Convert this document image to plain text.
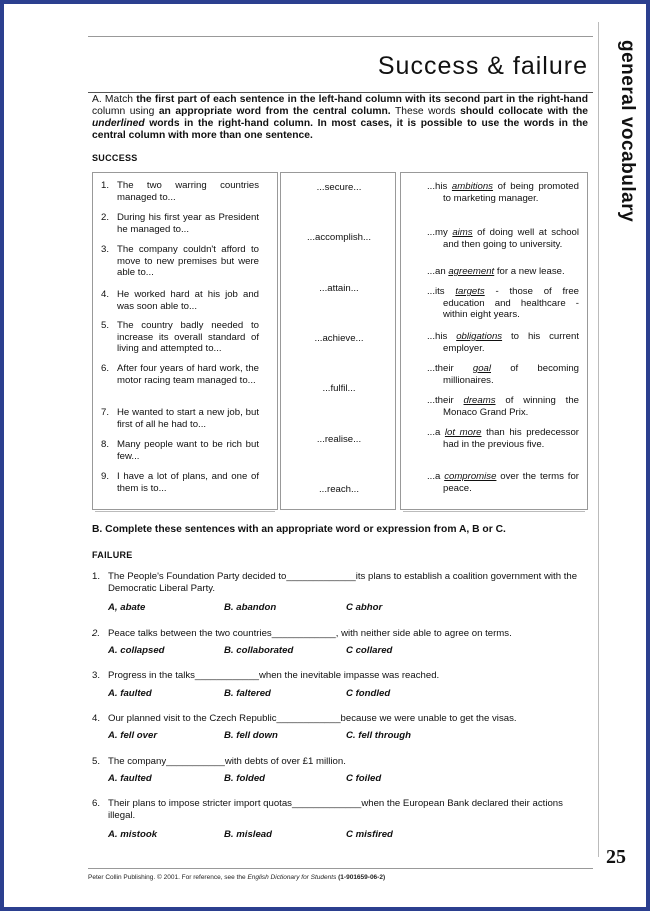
general vocabulary
Success & failure
A. Match the first part of each sentence in the left-hand column with its second part in the right-hand column using an appropriate word from the central column. These words should collocate with the underlined words in the right-hand column. In most cases, it is possible to use the words in the central column with more than one sentence.
SUCCESS
1. The two warring countries managed to...
2. During his first year as President he managed to...
3. The company couldn't afford to move to new premises but were able to...
4. He worked hard at his job and was soon able to...
5. The country badly needed to increase its overall standard of living and attempted to...
6. After four years of hard work, the motor racing team managed to...
7. He wanted to start a new job, but first of all he had to...
8. Many people want to be rich but few...
9. I have a lot of plans, and one of them is to...
...secure...
...accomplish...
...attain...
...achieve...
...fulfil...
...realise...
...reach...
...his ambitions of being promoted to marketing manager.
...my aims of doing well at school and then going to university.
...an agreement for a new lease.
...its targets - those of free education and healthcare - within eight years.
...his obligations to his current employer.
...their goal of becoming millionaires.
...their dreams of winning the Monaco Grand Prix.
...a lot more than his predecessor had in the previous five.
...a compromise over the terms for peace.
B. Complete these sentences with an appropriate word or expression from A, B or C.
FAILURE
1. The People's Foundation Party decided to_____________its plans to establish a coalition government with the Democratic Liberal Party.
A, abate	B. abandon	C abhor
2. Peace talks between the two countries____________, with neither side able to agree on terms.
A. collapsed	B. collaborated	C collared
3. Progress in the talks____________when the inevitable impasse was reached.
A. faulted	B. faltered	C fondled
4. Our planned visit to the Czech Republic____________because we were unable to get the visas.
A. fell over	B. fell down	C. fell through
5. The company___________with debts of over £1 million.
A. faulted	B. folded	C foiled
6. Their plans to impose stricter import quotas_____________when the European Bank declared their actions illegal.
A. mistook	B. mislead	C misfired
25
Peter Collin Publishing. © 2001. For reference, see the English Dictionary for Students (1-901659-06-2)
